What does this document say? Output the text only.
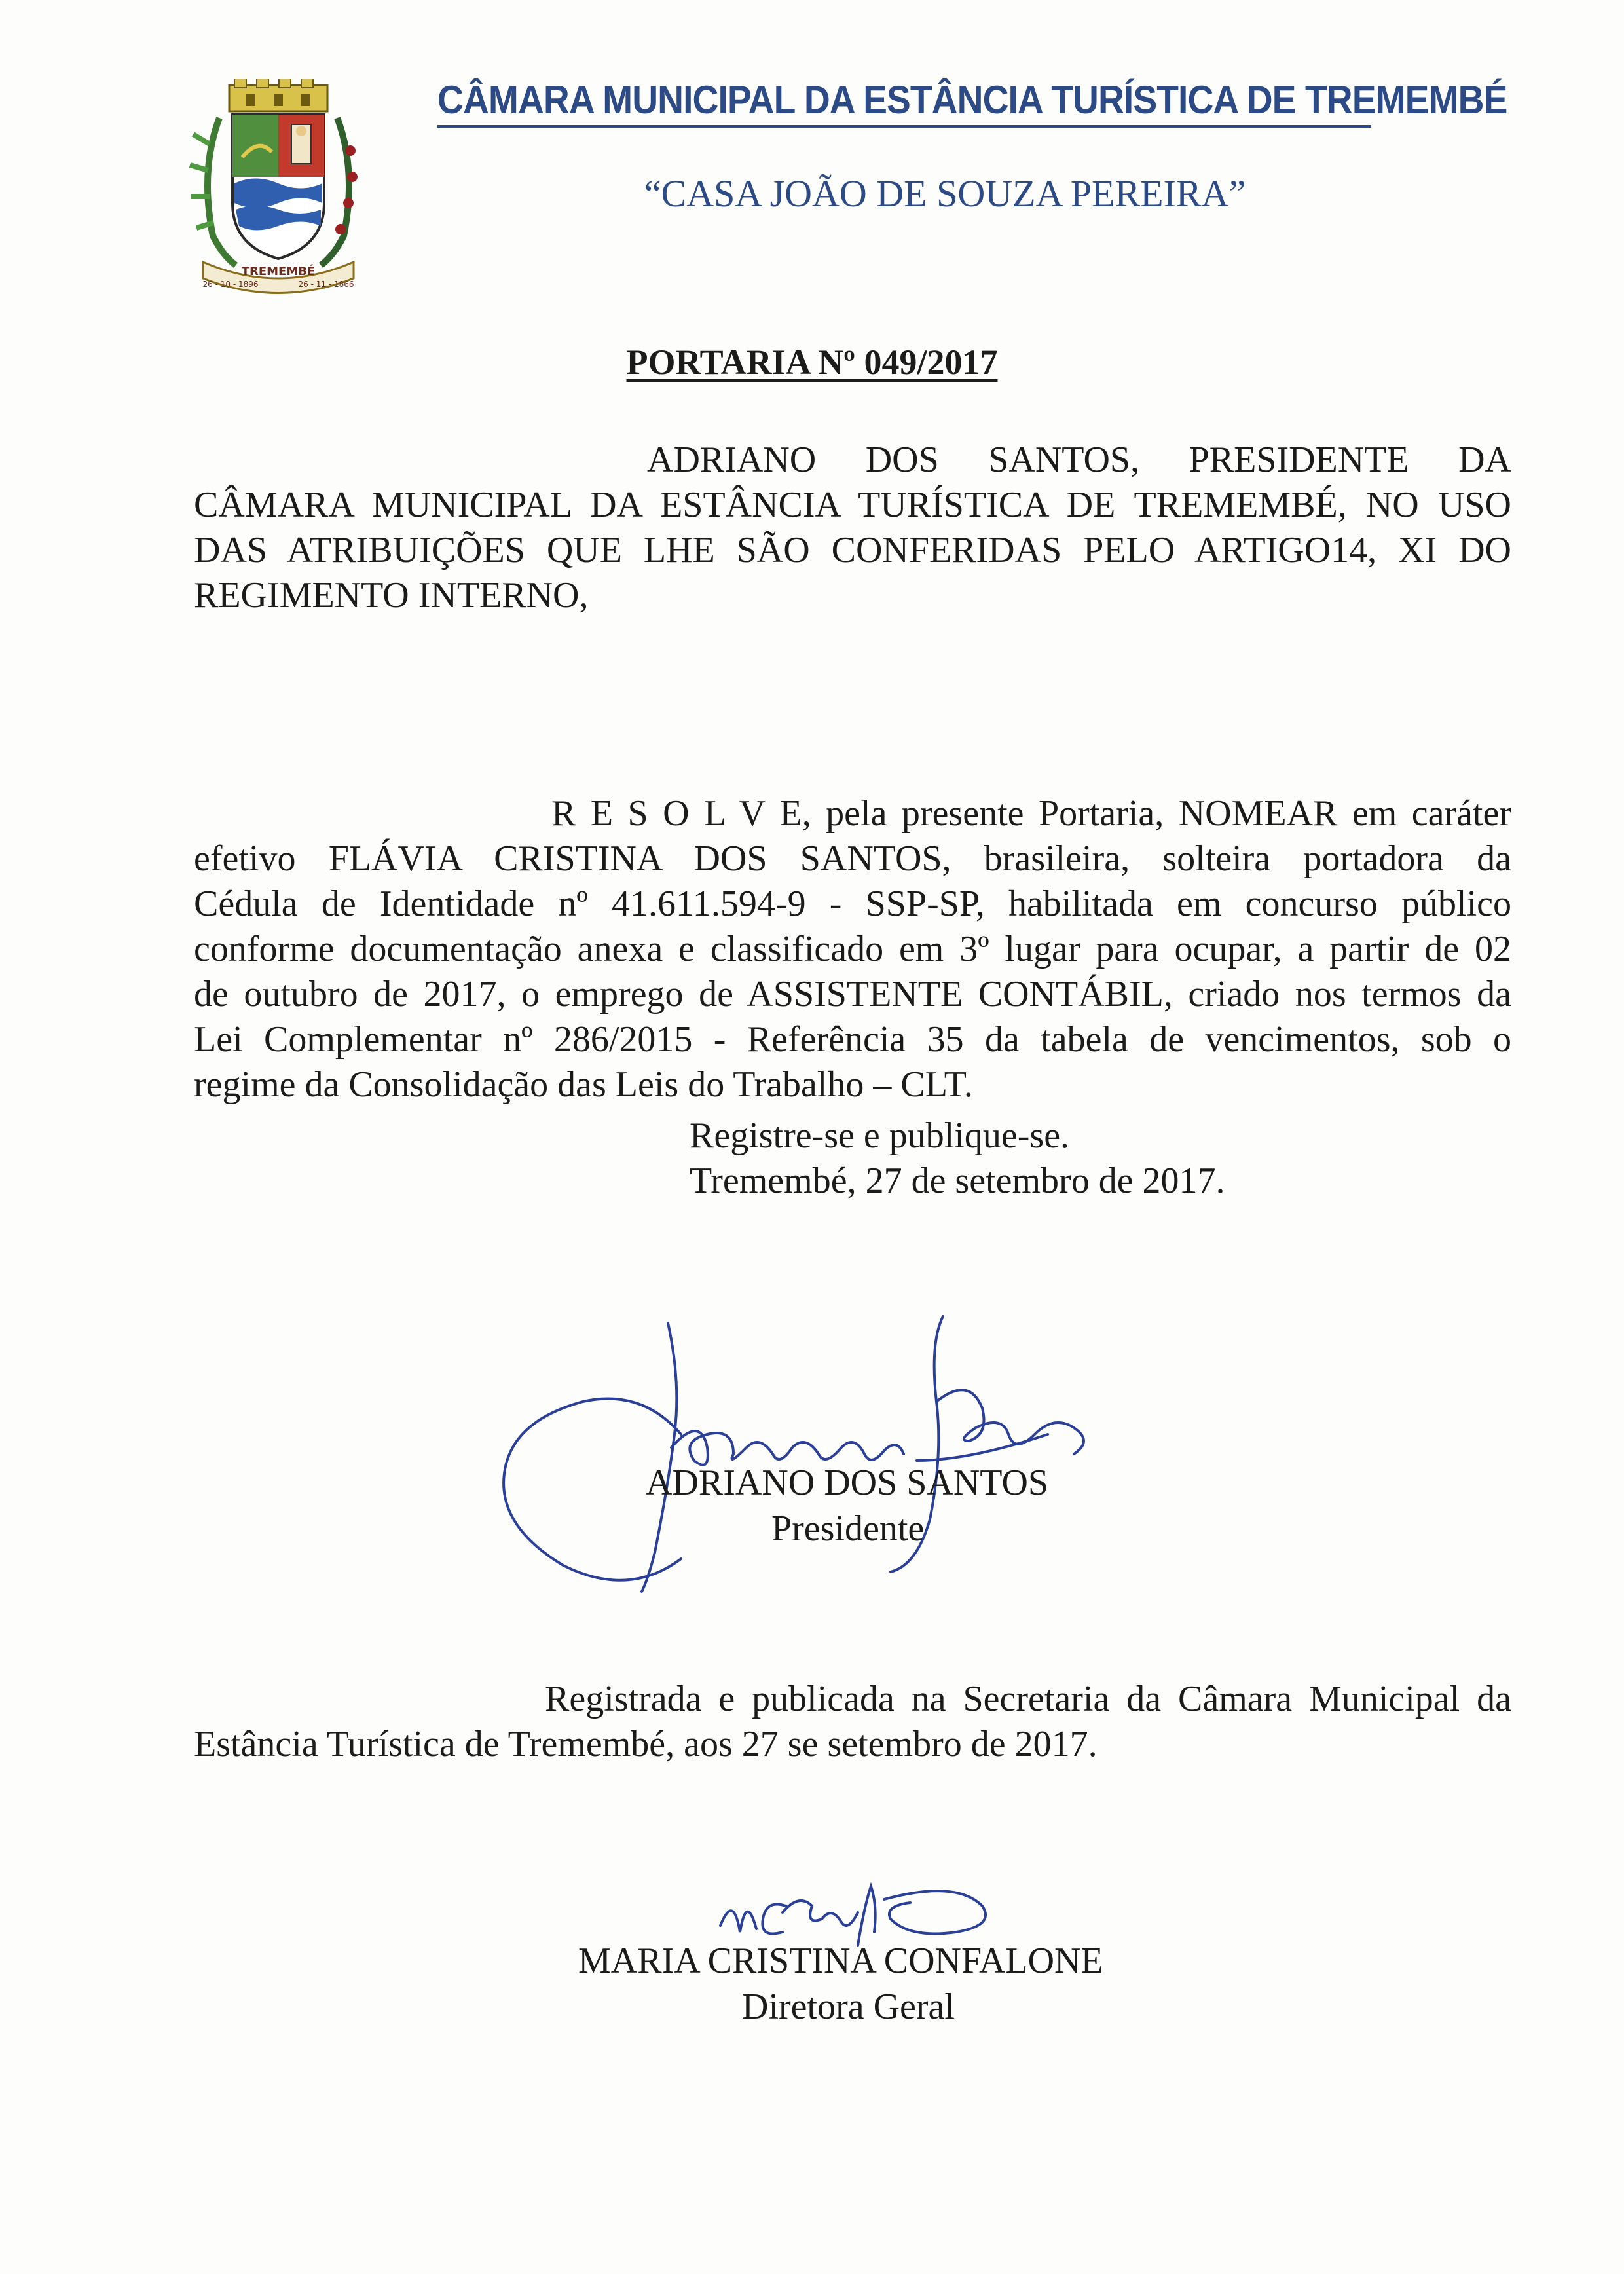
TREMEMBÉ
26 - 10 - 1896	26 - 11 - 1866
CÂMARA MUNICIPAL DA ESTÂNCIA TURÍSTICA DE TREMEMBÉ
“CASA JOÃO DE SOUZA PEREIRA”
PORTARIA Nº 049/2017
ADRIANO DOS SANTOS, PRESIDENTE DA
CÂMARA MUNICIPAL DA ESTÂNCIA TURÍSTICA DE TREMEMBÉ, NO USO
DAS ATRIBUIÇÕES QUE LHE SÃO CONFERIDAS PELO ARTIGO14, XI DO
REGIMENTO INTERNO,
R E S O L V E, pela presente Portaria, NOMEAR em caráter
efetivo FLÁVIA CRISTINA DOS SANTOS, brasileira, solteira portadora da
Cédula de Identidade nº 41.611.594-9 - SSP-SP, habilitada em concurso público
conforme documentação anexa e classificado em 3º lugar para ocupar, a partir de 02
de outubro de 2017, o emprego de ASSISTENTE CONTÁBIL, criado nos termos da
Lei Complementar nº 286/2015 - Referência 35 da tabela de vencimentos, sob o
regime da Consolidação das Leis do Trabalho – CLT.
Registre-se e publique-se.
Tremembé, 27 de setembro de 2017.
ADRIANO DOS SANTOS
Presidente
Registrada e publicada na Secretaria da Câmara Municipal da
Estância Turística de Tremembé, aos 27 se setembro de 2017.
MARIA CRISTINA CONFALONE
Diretora Geral
